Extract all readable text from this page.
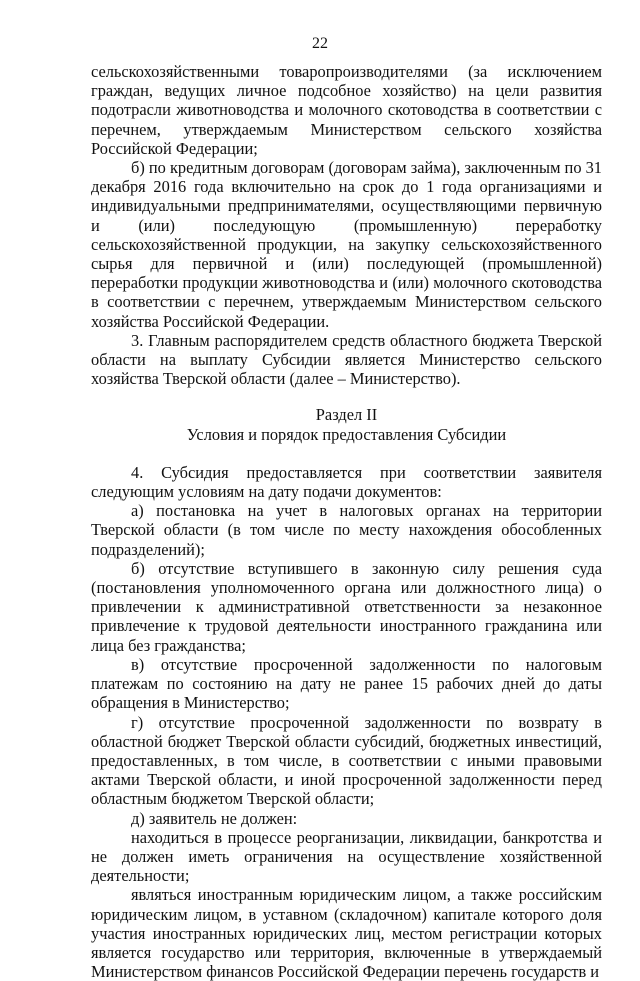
22

сельскохозяйственными товаропроизводителями (за исключением граждан, ведущих личное подсобное хозяйство) на цели развития подотрасли животноводства и молочного скотоводства в соответствии с перечнем, утверждаемым Министерством сельского хозяйства Российской Федерации;

б) по кредитным договорам (договорам займа), заключенным по 31 декабря 2016 года включительно на срок до 1 года организациями и индивидуальными предпринимателями, осуществляющими первичную и (или) последующую (промышленную) переработку сельскохозяйственной продукции, на закупку сельскохозяйственного сырья для первичной и (или) последующей (промышленной) переработки продукции животноводства и (или) молочного скотоводства в соответствии с перечнем, утверждаемым Министерством сельского хозяйства Российской Федерации.

3. Главным распорядителем средств областного бюджета Тверской области на выплату Субсидии является Министерство сельского хозяйства Тверской области (далее – Министерство).

Раздел II

Условия и порядок предоставления Субсидии

4. Субсидия предоставляется при соответствии заявителя следующим условиям на дату подачи документов:

а) постановка на учет в налоговых органах на территории Тверской области (в том числе по месту нахождения обособленных подразделений);

б) отсутствие вступившего в законную силу решения суда (постановления уполномоченного органа или должностного лица) о привлечении к административной ответственности за незаконное привлечение к трудовой деятельности иностранного гражданина или лица без гражданства;

в) отсутствие просроченной задолженности по налоговым платежам по состоянию на дату не ранее 15 рабочих дней до даты обращения в Министерство;

г) отсутствие просроченной задолженности по возврату в областной бюджет Тверской области субсидий, бюджетных инвестиций, предоставленных, в том числе, в соответствии с иными правовыми актами Тверской области, и иной просроченной задолженности перед областным бюджетом Тверской области;

д) заявитель не должен:

находиться в процессе реорганизации, ликвидации, банкротства и не должен иметь ограничения на осуществление хозяйственной деятельности;

являться иностранным юридическим лицом, а также российским юридическим лицом, в уставном (складочном) капитале которого доля участия иностранных юридических лиц, местом регистрации которых является государство или территория, включенные в утверждаемый Министерством финансов Российской Федерации перечень государств и
